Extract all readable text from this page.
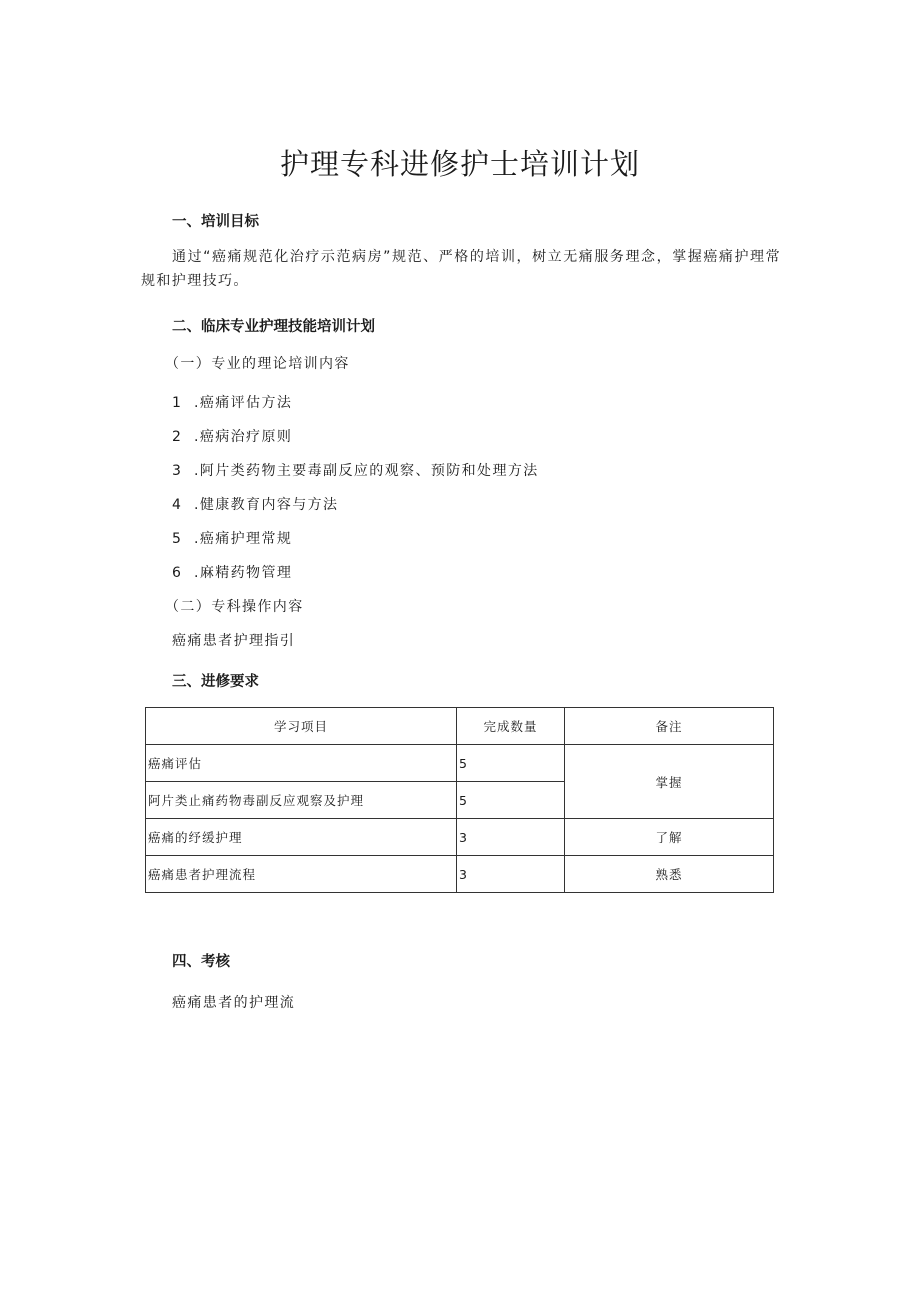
护理专科进修护士培训计划
一、培训目标

通过“癌痛规范化治疗示范病房”规范、严格的培训，树立无痛服务理念，掌握癌痛护理常规和护理技巧。

二、临床专业护理技能培训计划

（一）专业的理论培训内容

1 .癌痛评估方法
2 .癌病治疗原则
3 .阿片类药物主要毒副反应的观察、预防和处理方法
4 .健康教育内容与方法
5 .癌痛护理常规
6 .麻精药物管理

（二）专科操作内容

癌痛患者护理指引

三、进修要求
学习项目	完成数量	备注
癌痛评估	5	掌握
阿片类止痛药物毒副反应观察及护理	5	
癌痛的纾缓护理	3	了解
癌痛患者护理流程	3	熟悉
四、考核

癌痛患者的护理流
